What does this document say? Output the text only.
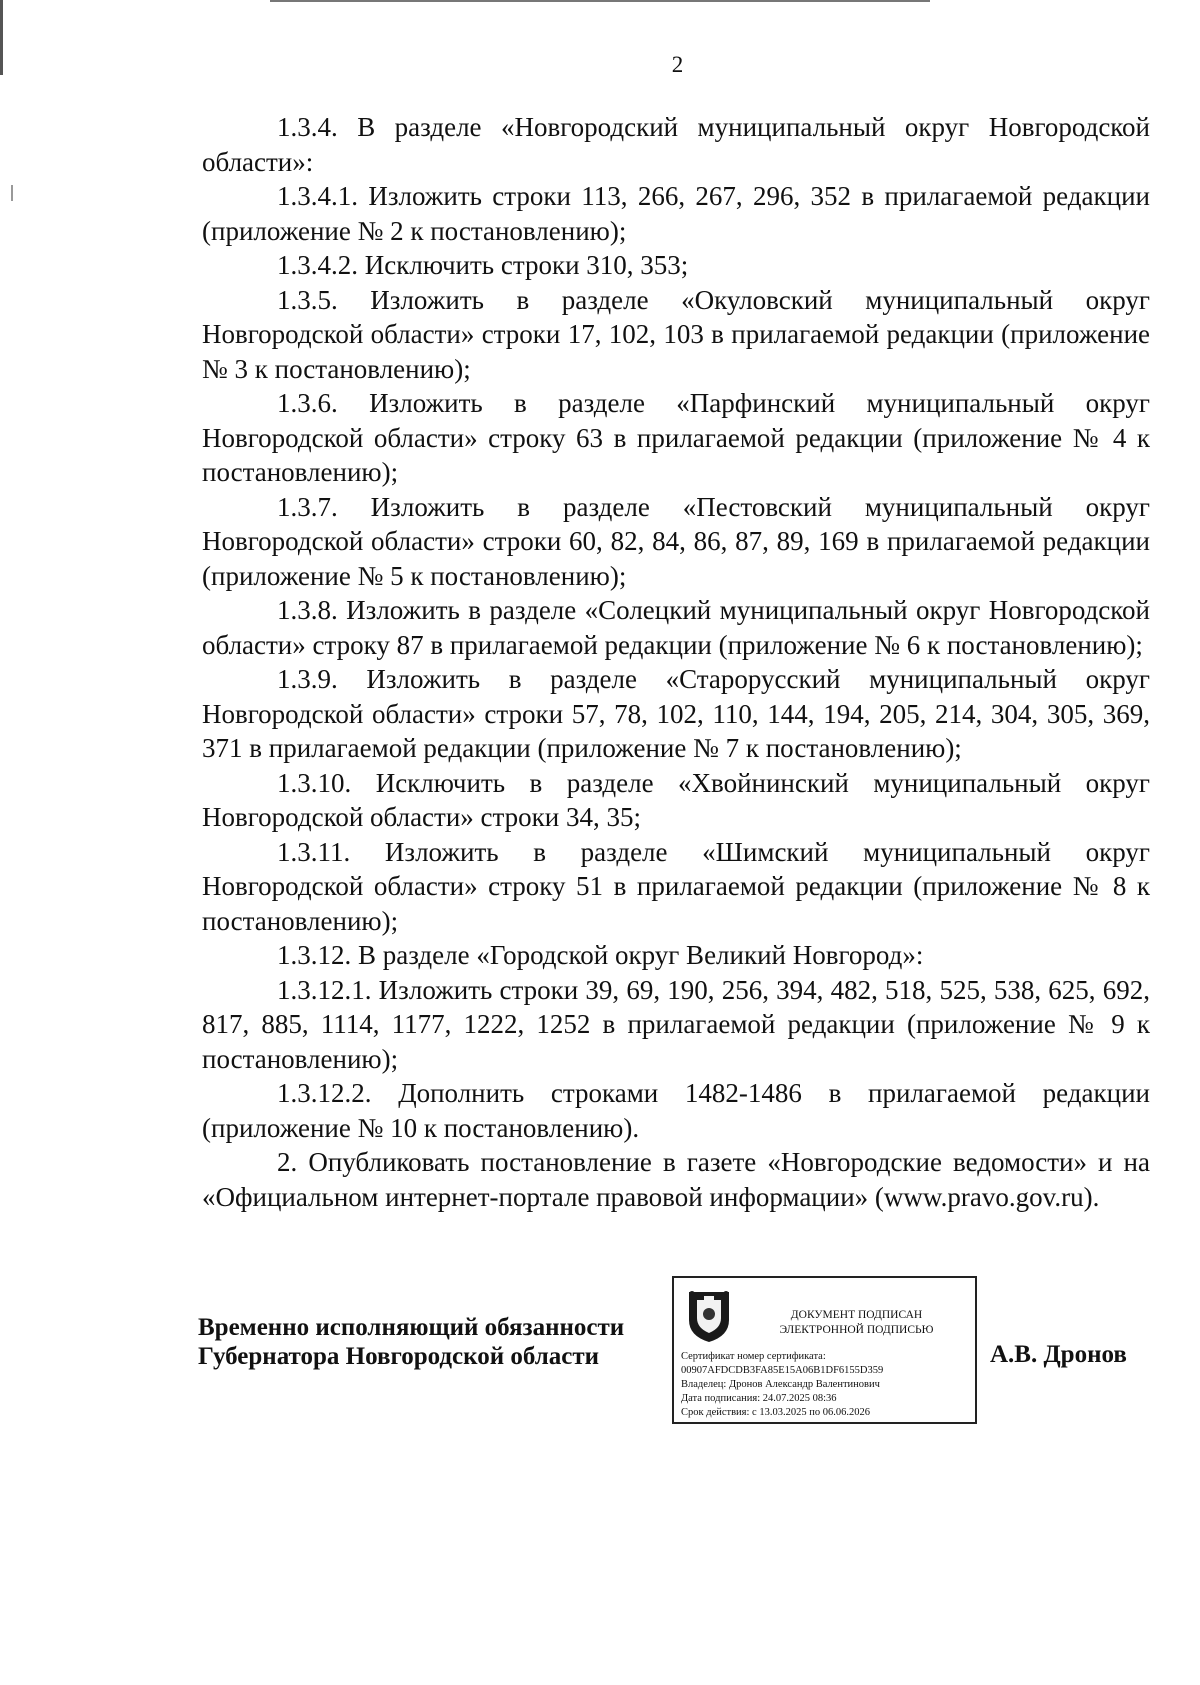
2

1.3.4. В разделе «Новгородский муниципальный округ Новгородской области»:

1.3.4.1. Изложить строки 113, 266, 267, 296, 352 в прилагаемой редакции (приложение № 2 к постановлению);

1.3.4.2. Исключить строки 310, 353;

1.3.5. Изложить в разделе «Окуловский муниципальный округ Новгородской области» строки 17, 102, 103 в прилагаемой редакции (приложение № 3 к постановлению);

1.3.6. Изложить в разделе «Парфинский муниципальный округ Новгородской области» строку 63 в прилагаемой редакции (приложение № 4 к постановлению);

1.3.7. Изложить в разделе «Пестовский муниципальный округ Новгородской области» строки 60, 82, 84, 86, 87, 89, 169 в прилагаемой редакции (приложение № 5 к постановлению);

1.3.8. Изложить в разделе «Солецкий муниципальный округ Новгородской области» строку 87 в прилагаемой редакции (приложение № 6 к постановлению);

1.3.9. Изложить в разделе «Старорусский муниципальный округ Новгородской области» строки 57, 78, 102, 110, 144, 194, 205, 214, 304, 305, 369, 371 в прилагаемой редакции (приложение № 7 к постановлению);

1.3.10. Исключить в разделе «Хвойнинский муниципальный округ Новгородской области» строки 34, 35;

1.3.11. Изложить в разделе «Шимский муниципальный округ Новгородской области» строку 51 в прилагаемой редакции (приложение № 8 к постановлению);

1.3.12. В разделе «Городской округ Великий Новгород»:

1.3.12.1. Изложить строки 39, 69, 190, 256, 394, 482, 518, 525, 538, 625, 692, 817, 885, 1114, 1177, 1222, 1252 в прилагаемой редакции (приложение № 9 к постановлению);

1.3.12.2. Дополнить строками 1482-1486 в прилагаемой редакции (приложение № 10 к постановлению).

2. Опубликовать постановление в газете «Новгородские ведомости» и на «Официальном интернет-портале правовой информации» (www.pravo.gov.ru).

Временно исполняющий обязанности
Губернатора Новгородской области
ДОКУМЕНТ ПОДПИСАН
ЭЛЕКТРОННОЙ ПОДПИСЬЮ
Сертификат номер сертификата:
00907AFDCDB3FA85E15A06B1DF6155D359
Владелец: Дронов Александр Валентинович
Дата подписания: 24.07.2025 08:36
Срок действия: с 13.03.2025 по 06.06.2026
А.В. Дронов
